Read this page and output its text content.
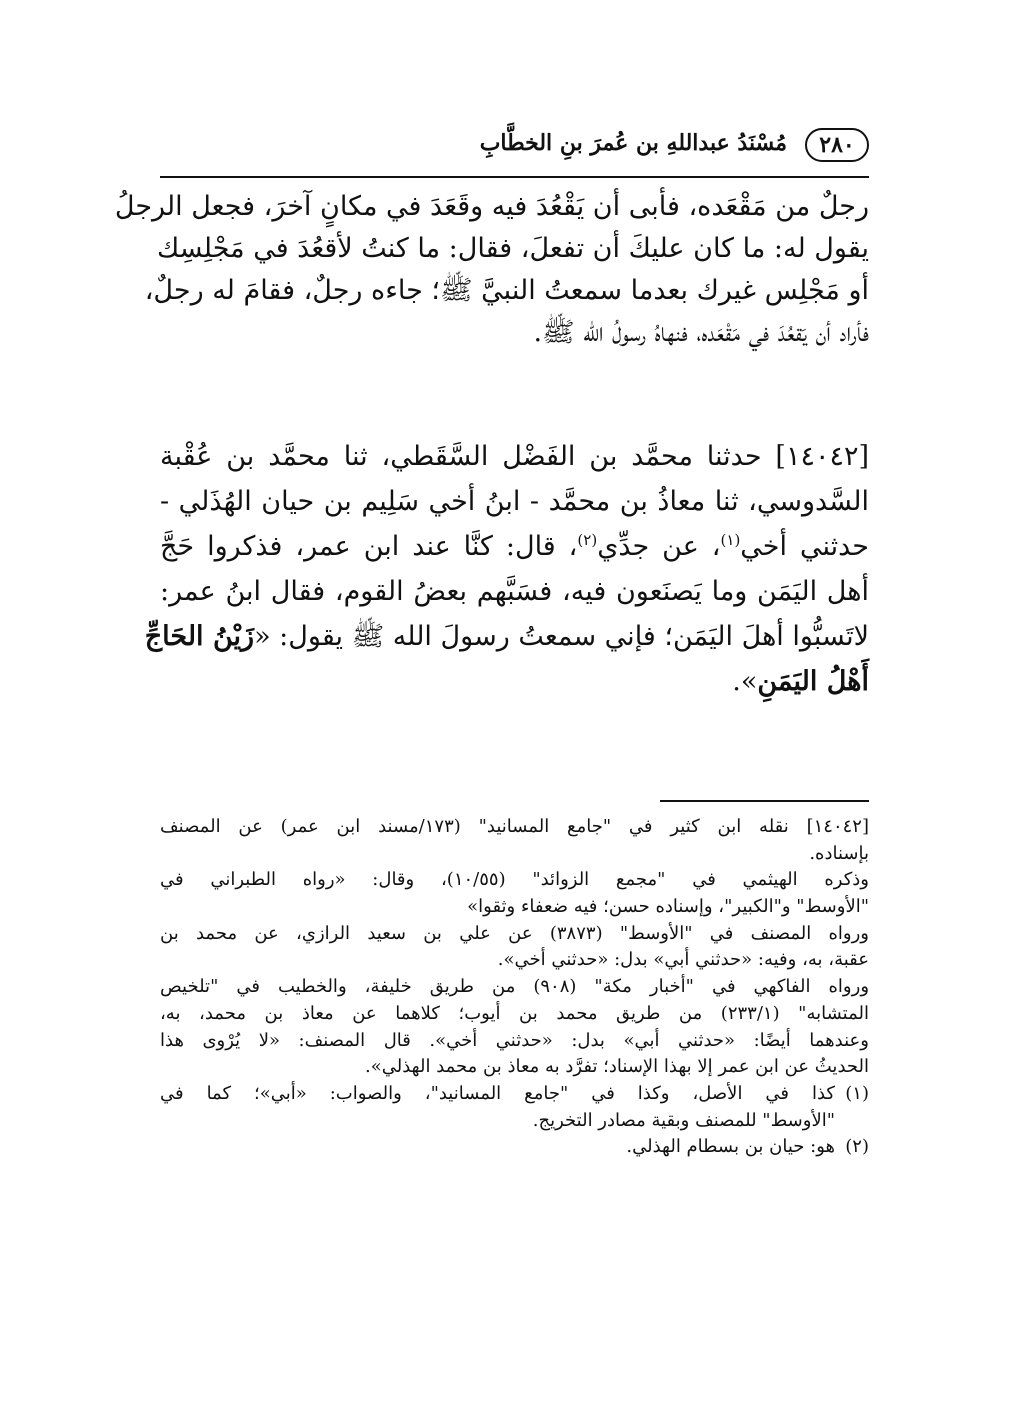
٢٨٠
مُسْنَدُ عبداللهِ بن عُمرَ بنِ الخطَّابِ
رجلٌ من مَقْعَده، فأبى أن يَقْعُدَ فيه وقَعَدَ في مكانٍ آخرَ، فجعل الرجلُ
يقول له: ما كان عليكَ أن تفعلَ، فقال: ما كنتُ لأقعُدَ في مَجْلِسِك
أو مَجْلِس غيرك بعدما سمعتُ النبيَّ ﷺ؛ جاءه رجلٌ، فقامَ له رجلٌ،
فأراد أن يَقعُدَ في مَقْعَده، فنهاهُ رسولُ الله ﷺ.
[١٤٠٤٢] حدثنا محمَّد بن الفَضْل السَّقَطي، ثنا محمَّد بن عُقْبة
السَّدوسي، ثنا معاذُ بن محمَّد - ابنُ أخي سَلِيم بن حيان الهُذَلي -
حدثني أخي$^{(١)}$، عن جدِّي$^{(٢)}$، قال: كنَّا عند ابن عمر، فذكروا حَجَّ
أهل اليَمَن وما يَصنَعون فيه، فسَبَّهم بعضُ القوم، فقال ابنُ عمر:
لاتَسبُّوا أهلَ اليَمَن؛ فإني سمعتُ رسولَ الله ﷺ يقول: «زَيْنُ الحَاجِّ
أَهْلُ اليَمَنِ».
[١٤٠٤٢] نقله ابن كثير في "جامع المسانيد" (١٧٣/مسند ابن عمر) عن المصنف
بإسناده.
وذكره الهيثمي في "مجمع الزوائد" (١٠/٥٥)، وقال: «رواه الطبراني في
"الأوسط" و"الكبير"، وإسناده حسن؛ فيه ضعفاء وثقوا»
ورواه المصنف في "الأوسط" (٣٨٧٣) عن علي بن سعيد الرازي، عن محمد بن
عقبة، به، وفيه: «حدثني أبي» بدل: «حدثني أخي».
ورواه الفاكهي في "أخبار مكة" (٩٠٨) من طريق خليفة، والخطيب في "تلخيص
المتشابه" (٢٣٣/١) من طريق محمد بن أيوب؛ كلاهما عن معاذ بن محمد، به،
وعندهما أيضًا: «حدثني أبي» بدل: «حدثني أخي». قال المصنف: «لا يُرْوى هذا
الحديثُ عن ابن عمر إلا بهذا الإسناد؛ تفرَّد به معاذ بن محمد الهذلي».
(١)كذا في الأصل، وكذا في "جامع المسانيد"، والصواب: «أبي»؛ كما في
"الأوسط" للمصنف وبقية مصادر التخريج.
(٢)هو: حيان بن بسطام الهذلي.
